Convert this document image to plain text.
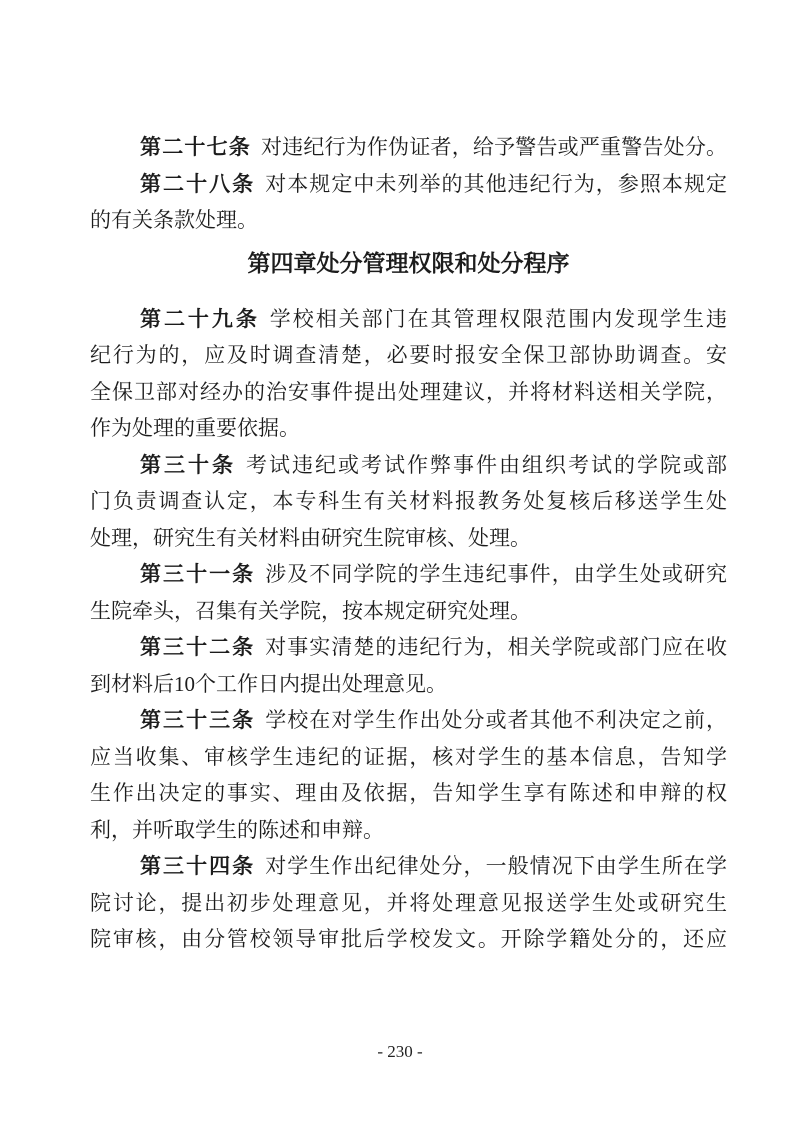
第二十七条 对违纪行为作伪证者，给予警告或严重警告处分。
第二十八条 对本规定中未列举的其他违纪行为，参照本规定
的有关条款处理。
第四章处分管理权限和处分程序
第二十九条 学校相关部门在其管理权限范围内发现学生违
纪行为的，应及时调查清楚，必要时报安全保卫部协助调查。安
全保卫部对经办的治安事件提出处理建议，并将材料送相关学院，
作为处理的重要依据。
第三十条 考试违纪或考试作弊事件由组织考试的学院或部
门负责调查认定，本专科生有关材料报教务处复核后移送学生处
处理，研究生有关材料由研究生院审核、处理。
第三十一条 涉及不同学院的学生违纪事件，由学生处或研究
生院牵头，召集有关学院，按本规定研究处理。
第三十二条 对事实清楚的违纪行为，相关学院或部门应在收
到材料后10个工作日内提出处理意见。
第三十三条 学校在对学生作出处分或者其他不利决定之前，
应当收集、审核学生违纪的证据，核对学生的基本信息，告知学
生作出决定的事实、理由及依据，告知学生享有陈述和申辩的权
利，并听取学生的陈述和申辩。
第三十四条 对学生作出纪律处分，一般情况下由学生所在学
院讨论，提出初步处理意见，并将处理意见报送学生处或研究生
院审核，由分管校领导审批后学校发文。开除学籍处分的，还应
- 230 -
